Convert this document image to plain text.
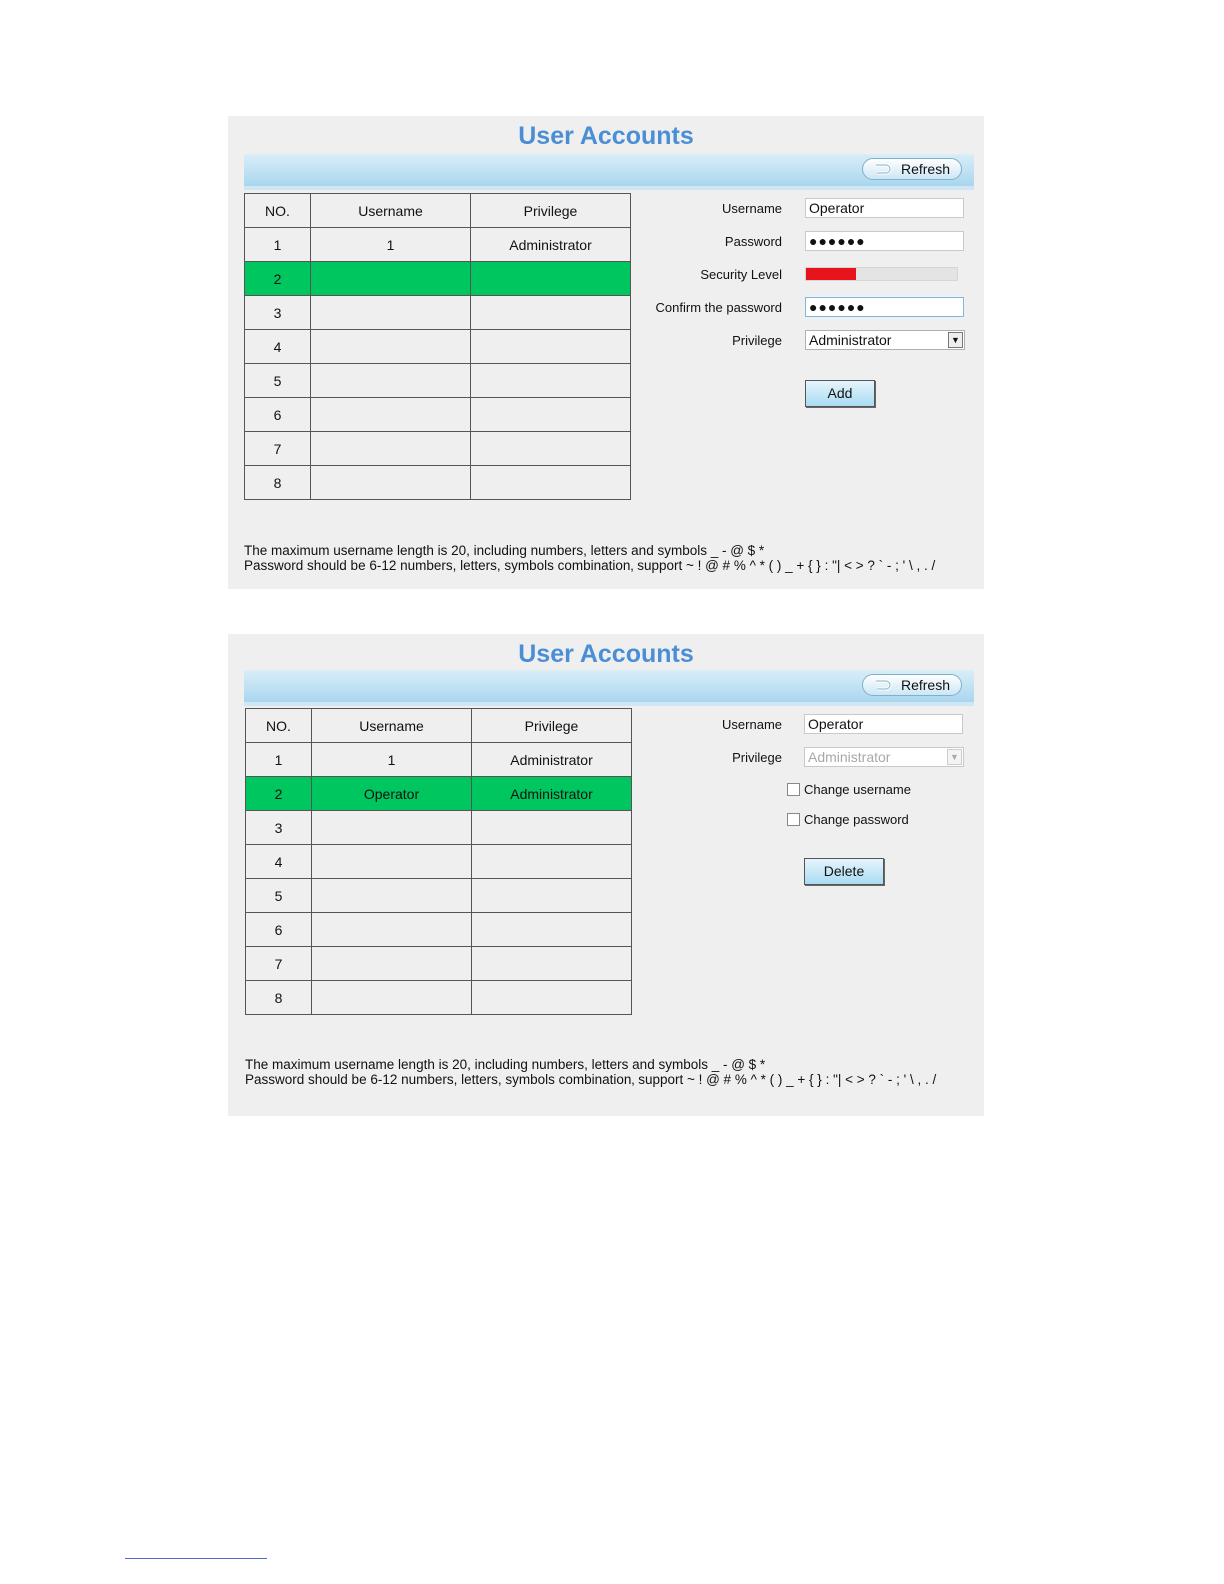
User Accounts
Refresh
NO.	Username	Privilege
1	1	Administrator
2		
3		
4		
5		
6		
7		
8		
Username Operator
Password ●●●●●●
Security Level
Confirm the password ●●●●●●
Privilege Administrator	▼
Add
The maximum username length is 20, including numbers, letters and symbols _ - @ $ *
Password should be 6-12 numbers, letters, symbols combination‚ support ~ ! @ # % ^ * ( ) _ + { } : "| < > ? ` - ; ' \ , . /
User Accounts
Refresh
NO.	Username	Privilege
1	1	Administrator
2	Operator	Administrator
3		
4		
5		
6		
7		
8		
Username Operator
Privilege Administrator	▼
Change username
Change password
Delete
The maximum username length is 20, including numbers, letters and symbols _ - @ $ *
Password should be 6-12 numbers, letters, symbols combination‚ support ~ ! @ # % ^ * ( ) _ + { } : "| < > ? ` - ; ' \ , . /
